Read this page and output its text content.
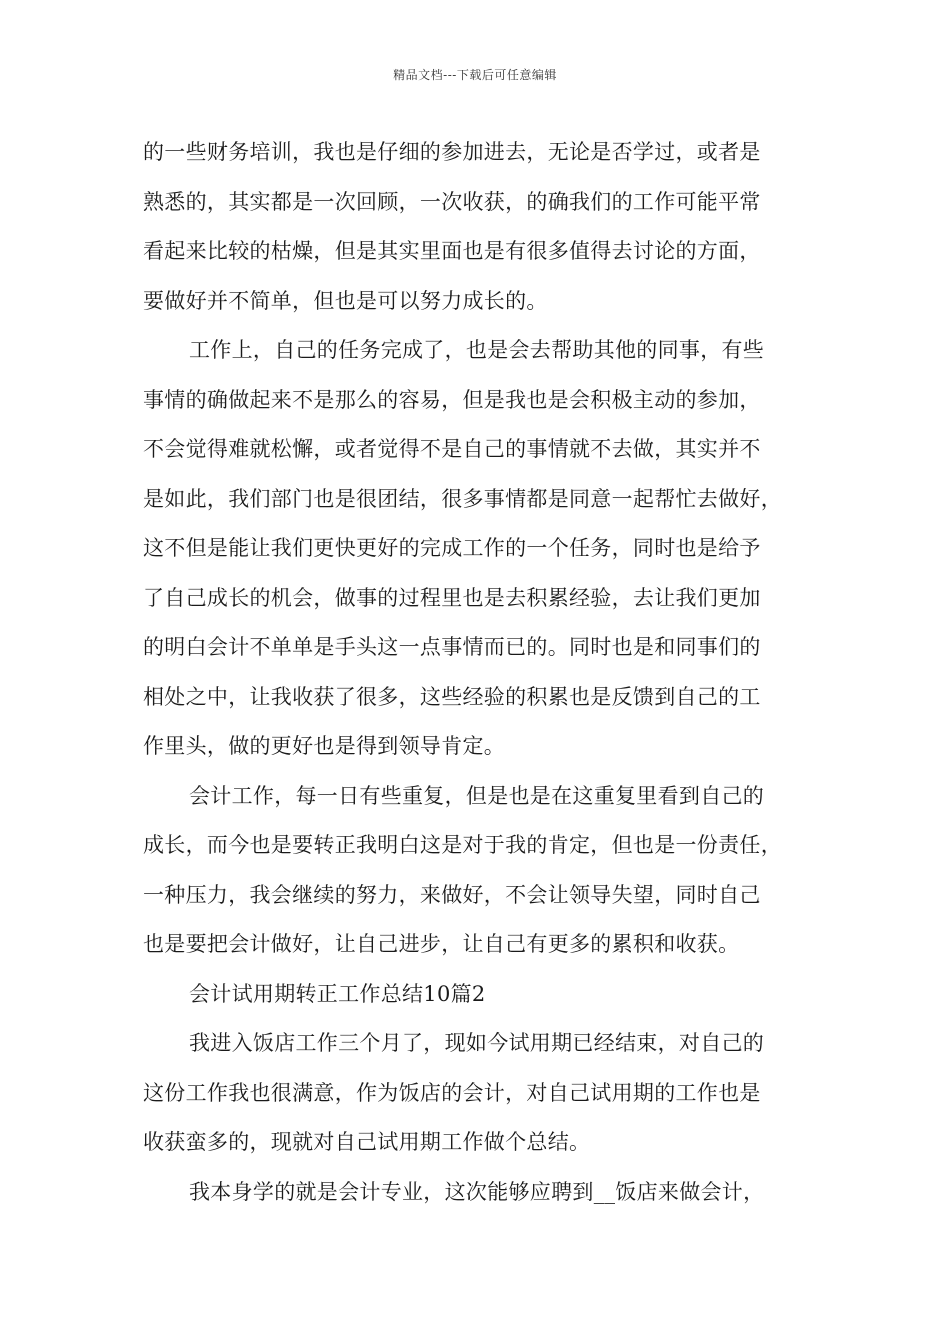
精品文档---下载后可任意编辑
的一些财务培训，我也是仔细的参加进去，无论是否学过，或者是
熟悉的，其实都是一次回顾，一次收获，的确我们的工作可能平常
看起来比较的枯燥，但是其实里面也是有很多值得去讨论的方面，
要做好并不简单，但也是可以努力成长的。
工作上，自己的任务完成了，也是会去帮助其他的同事，有些
事情的确做起来不是那么的容易，但是我也是会积极主动的参加，
不会觉得难就松懈，或者觉得不是自己的事情就不去做，其实并不
是如此，我们部门也是很团结，很多事情都是同意一起帮忙去做好，
这不但是能让我们更快更好的完成工作的一个任务，同时也是给予
了自己成长的机会，做事的过程里也是去积累经验，去让我们更加
的明白会计不单单是手头这一点事情而已的。同时也是和同事们的
相处之中，让我收获了很多，这些经验的积累也是反馈到自己的工
作里头，做的更好也是得到领导肯定。
会计工作，每一日有些重复，但是也是在这重复里看到自己的
成长，而今也是要转正我明白这是对于我的肯定，但也是一份责任，
一种压力，我会继续的努力，来做好，不会让领导失望，同时自己
也是要把会计做好，让自己进步，让自己有更多的累积和收获。
会计试用期转正工作总结10篇2
我进入饭店工作三个月了，现如今试用期已经结束，对自己的
这份工作我也很满意，作为饭店的会计，对自己试用期的工作也是
收获蛮多的，现就对自己试用期工作做个总结。
我本身学的就是会计专业，这次能够应聘到__饭店来做会计，
